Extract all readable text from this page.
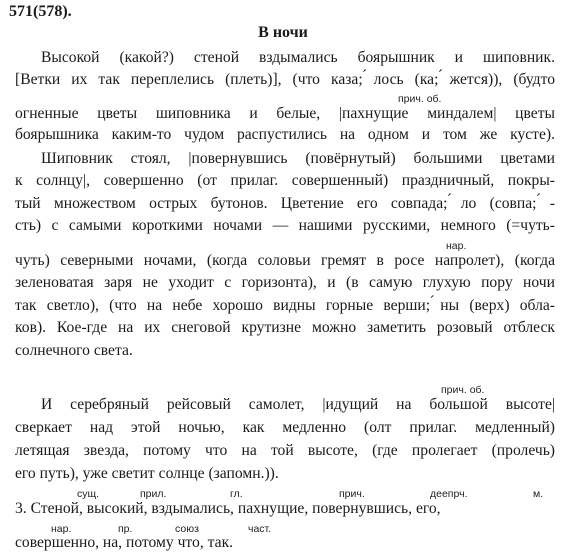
571(578).
В ночи
Высокой (какой?) стеной вздымались боярышник и шиповник.
[Ветки их так переплелись (плеть)], (что каза; ́лось (ка; ́жется)), (будто
прич. об.
огненные цветы шиповника и белые, |пахнущие миндалем| цветы
боярышника каким-то чудом распустились на одном и том же кусте).
Шиповник стоял, |повернувшись (повёрнутый) большими цветами
к солнцу|, совершенно (от прилаг. совершенный) праздничный, покры-
тый множеством острых бутонов. Цветение его совпада; ́ло (совпа; ́-
сть) с самыми короткими ночами — нашими русскими, немного (=чуть-
нар.
чуть) северными ночами, (когда соловьи гремят в росе напролет), (когда
зеленоватая заря не уходит с горизонта), и (в самую глухую пору ночи
так светло), (что на небе хорошо видны горные верши; ́ны (верх) обла-
ков). Кое-где на их снеговой крутизне можно заметить розовый отблеск
солнечного света.
прич. об.
И серебряный рейсовый самолет, |идущий на большой высоте|
сверкает над этой ночью, как медленно (олт прилаг. медленный)
летящая звезда, потому что на той высоте, (где пролегает (пролечь)
его путь), уже светит солнце (запомн.)).
сущ.	прил.	гл.	прич.	деепрч.	м.
3. Стеной, высокий, вздымались, пахнущие, повернувшись, его,
нар.	пр.	союз	част.
совершенно, на, потому что, так.
